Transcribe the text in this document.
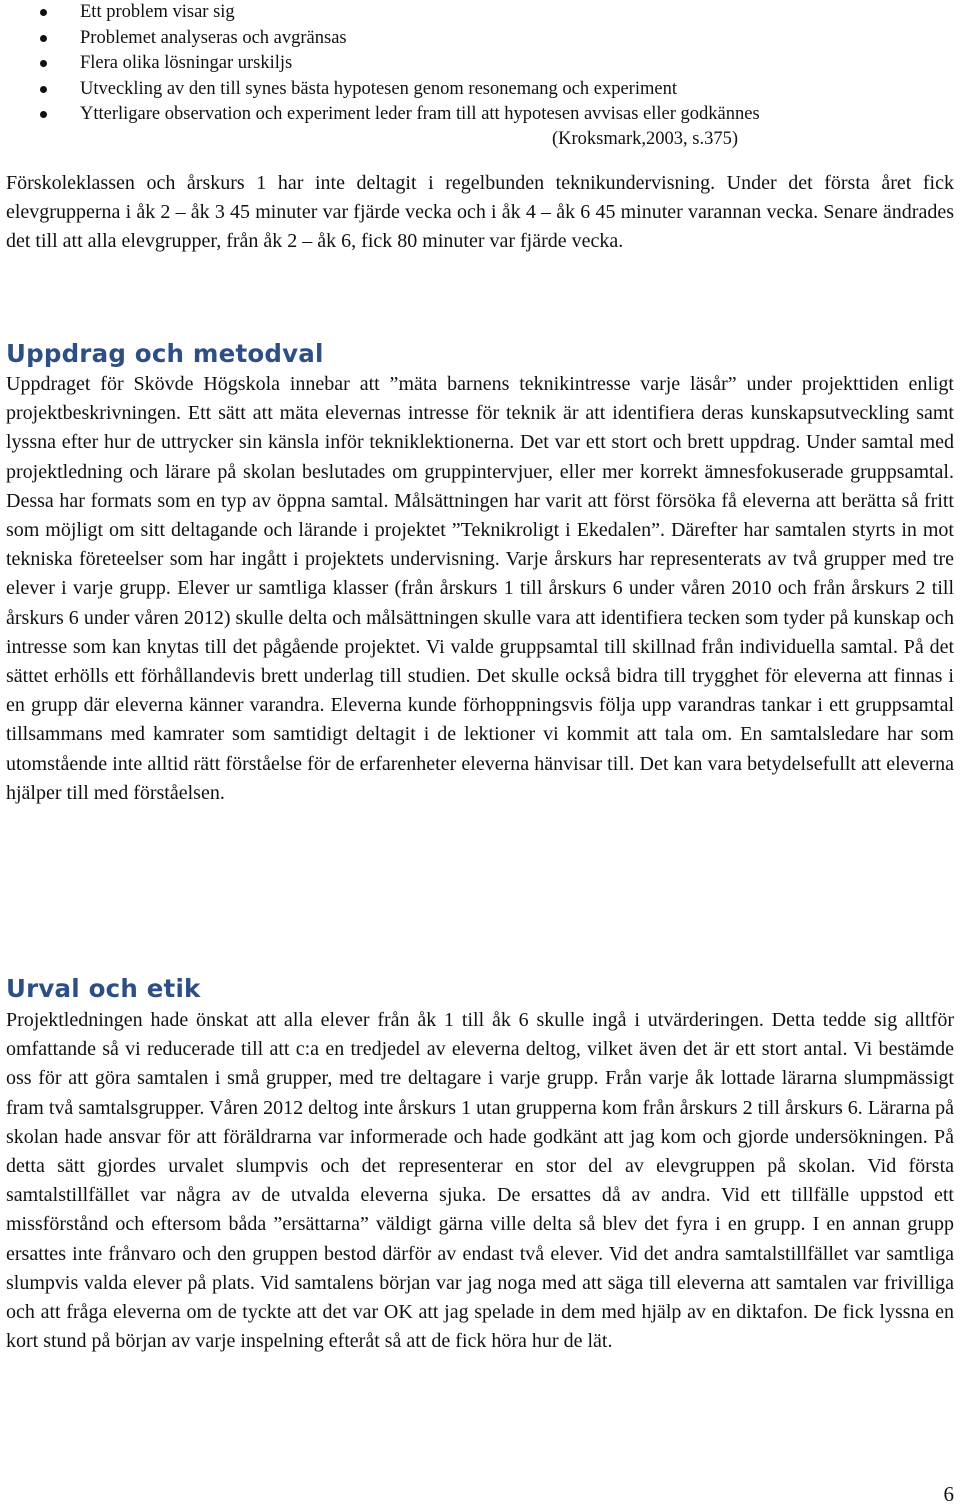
Ett problem visar sig
Problemet analyseras och avgränsas
Flera olika lösningar urskiljs
Utveckling av den till synes bästa hypotesen genom resonemang och experiment
Ytterligare observation och experiment leder fram till att hypotesen avvisas eller godkännes
(Kroksmark,2003, s.375)

Förskoleklassen och årskurs 1 har inte deltagit i regelbunden teknikundervisning. Under det första året fick elevgrupperna i åk 2 – åk 3 45 minuter var fjärde vecka och i åk 4 – åk 6 45 minuter varannan vecka. Senare ändrades det till att alla elevgrupper, från åk 2 – åk 6, fick 80 minuter var fjärde vecka.

Uppdrag och metodval

Uppdraget för Skövde Högskola innebar att ”mäta barnens teknikintresse varje läsår” under projekttiden enligt projektbeskrivningen. Ett sätt att mäta elevernas intresse för teknik är att identifiera deras kunskapsutveckling samt lyssna efter hur de uttrycker sin känsla inför tekniklektionerna. Det var ett stort och brett uppdrag. Under samtal med projektledning och lärare på skolan beslutades om gruppintervjuer, eller mer korrekt ämnesfokuserade gruppsamtal. Dessa har formats som en typ av öppna samtal. Målsättningen har varit att först försöka få eleverna att berätta så fritt som möjligt om sitt deltagande och lärande i projektet ”Teknikroligt i Ekedalen”. Därefter har samtalen styrts in mot tekniska företeelser som har ingått i projektets undervisning. Varje årskurs har representerats av två grupper med tre elever i varje grupp. Elever ur samtliga klasser (från årskurs 1 till årskurs 6 under våren 2010 och från årskurs 2 till årskurs 6 under våren 2012) skulle delta och målsättningen skulle vara att identifiera tecken som tyder på kunskap och intresse som kan knytas till det pågående projektet. Vi valde gruppsamtal till skillnad från individuella samtal. På det sättet erhölls ett förhållandevis brett underlag till studien. Det skulle också bidra till trygghet för eleverna att finnas i en grupp där eleverna känner varandra. Eleverna kunde förhoppningsvis följa upp varandras tankar i ett gruppsamtal tillsammans med kamrater som samtidigt deltagit i de lektioner vi kommit att tala om. En samtalsledare har som utomstående inte alltid rätt förståelse för de erfarenheter eleverna hänvisar till. Det kan vara betydelsefullt att eleverna hjälper till med förståelsen.

Urval och etik

Projektledningen hade önskat att alla elever från åk 1 till åk 6 skulle ingå i utvärderingen. Detta tedde sig alltför omfattande så vi reducerade till att c:a en tredjedel av eleverna deltog, vilket även det är ett stort antal. Vi bestämde oss för att göra samtalen i små grupper, med tre deltagare i varje grupp. Från varje åk lottade lärarna slumpmässigt fram två samtalsgrupper. Våren 2012 deltog inte årskurs 1 utan grupperna kom från årskurs 2 till årskurs 6. Lärarna på skolan hade ansvar för att föräldrarna var informerade och hade godkänt att jag kom och gjorde undersökningen. På detta sätt gjordes urvalet slumpvis och det representerar en stor del av elevgruppen på skolan. Vid första samtalstillfället var några av de utvalda eleverna sjuka. De ersattes då av andra. Vid ett tillfälle uppstod ett missförstånd och eftersom båda ”ersättarna” väldigt gärna ville delta så blev det fyra i en grupp. I en annan grupp ersattes inte frånvaro och den gruppen bestod därför av endast två elever. Vid det andra samtalstillfället var samtliga slumpvis valda elever på plats. Vid samtalens början var jag noga med att säga till eleverna att samtalen var frivilliga och att fråga eleverna om de tyckte att det var OK att jag spelade in dem med hjälp av en diktafon. De fick lyssna en kort stund på början av varje inspelning efteråt så att de fick höra hur de lät.

6
